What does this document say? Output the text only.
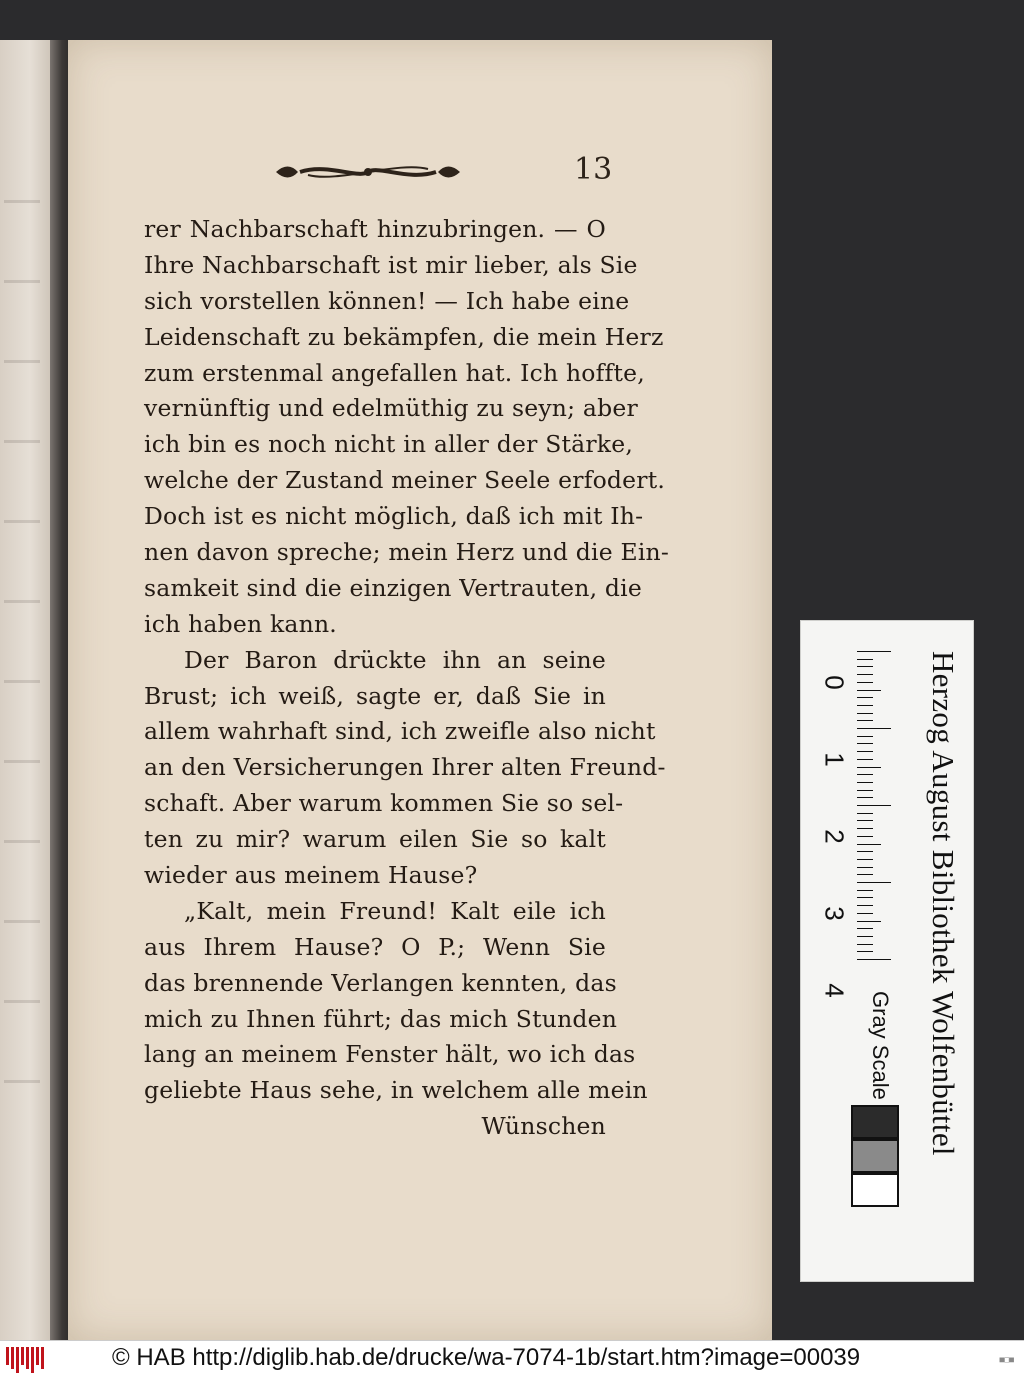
13
rer Nachbarschaft hinzubringen. — O
Ihre Nachbarschaft ist mir lieber, als Sie
sich vorstellen können! — Ich habe eine
Leidenschaft zu bekämpfen, die mein Herz
zum erstenmal angefallen hat. Ich hoffte,
vernünftig und edelmüthig zu seyn; aber
ich bin es noch nicht in aller der Stärke,
welche der Zustand meiner Seele erfodert.
Doch ist es nicht möglich, daß ich mit Ih-
nen davon spreche; mein Herz und die Ein-
samkeit sind die einzigen Vertrauten, die
ich haben kann.
Der Baron drückte ihn an seine
Brust; ich weiß, sagte er, daß Sie in
allem wahrhaft sind, ich zweifle also nicht
an den Versicherungen Ihrer alten Freund-
schaft. Aber warum kommen Sie so sel-
ten zu mir? warum eilen Sie so kalt
wieder aus meinem Hause?
„Kalt, mein Freund! Kalt eile ich
aus Ihrem Hause? O P.; Wenn Sie
das brennende Verlangen kennten, das
mich zu Ihnen führt; das mich Stunden
lang an meinem Fenster hält, wo ich das
geliebte Haus sehe, in welchem alle mein
Wünschen
0
1
2
3
4
Gray Scale Herzog August Bibliothek Wolfenbüttel
© HAB http://diglib.hab.de/drucke/wa-7074-1b/start.htm?image=00039	■□■
